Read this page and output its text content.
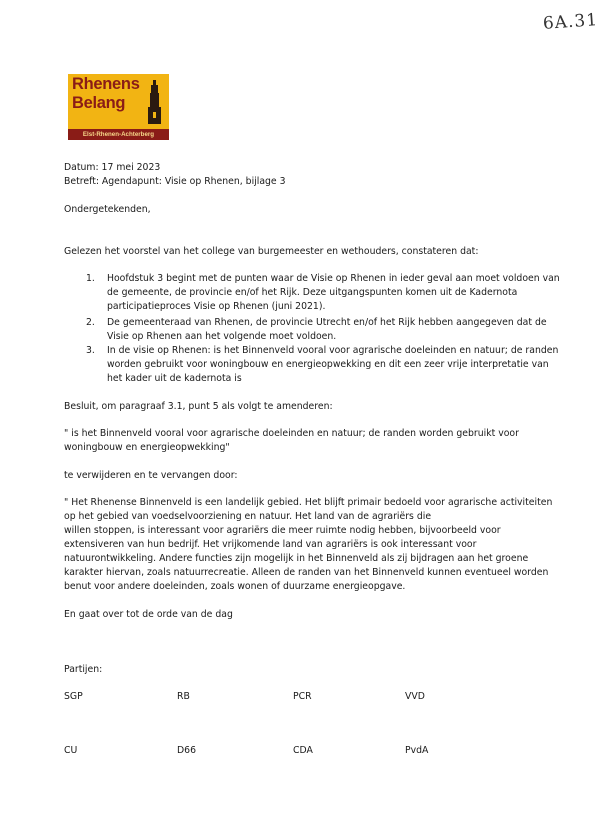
6A.31
Rhenens
Belang
Elst-Rhenen-Achterberg
Datum: 17 mei 2023
Betreft: Agendapunt: Visie op Rhenen, bijlage 3
Ondergetekenden,
Gelezen het voorstel van het college van burgemeester en wethouders, constateren dat:
1. Hoofdstuk 3 begint met de punten waar de Visie op Rhenen in ieder geval aan moet voldoen van
de gemeente, de provincie en/of het Rijk. Deze uitgangspunten komen uit de Kadernota
participatieproces Visie op Rhenen (juni 2021).
2. De gemeenteraad van Rhenen, de provincie Utrecht en/of het Rijk hebben aangegeven dat de
Visie op Rhenen aan het volgende moet voldoen.
3. In de visie op Rhenen: is het Binnenveld vooral voor agrarische doeleinden en natuur; de randen
worden gebruikt voor woningbouw en energieopwekking en dit een zeer vrije interpretatie van
het kader uit de kadernota is
Besluit, om paragraaf 3.1, punt 5 als volgt te amenderen:
" is het Binnenveld vooral voor agrarische doeleinden en natuur; de randen worden gebruikt voor
woningbouw en energieopwekking"
te verwijderen en te vervangen door:
" Het Rhenense Binnenveld is een landelijk gebied. Het blijft primair bedoeld voor agrarische activiteiten
op het gebied van voedselvoorziening en natuur. Het land van de agrariërs die
willen stoppen, is interessant voor agrariërs die meer ruimte nodig hebben, bijvoorbeeld voor
extensiveren van hun bedrijf. Het vrijkomende land van agrariërs is ook interessant voor
natuurontwikkeling. Andere functies zijn mogelijk in het Binnenveld als zij bijdragen aan het groene
karakter hiervan, zoals natuurrecreatie. Alleen de randen van het Binnenveld kunnen eventueel worden
benut voor andere doeleinden, zoals wonen of duurzame energieopgave.
En gaat over tot de orde van de dag
Partijen:
SGP	RB	PCR	VVD
CU	D66	CDA	PvdA
